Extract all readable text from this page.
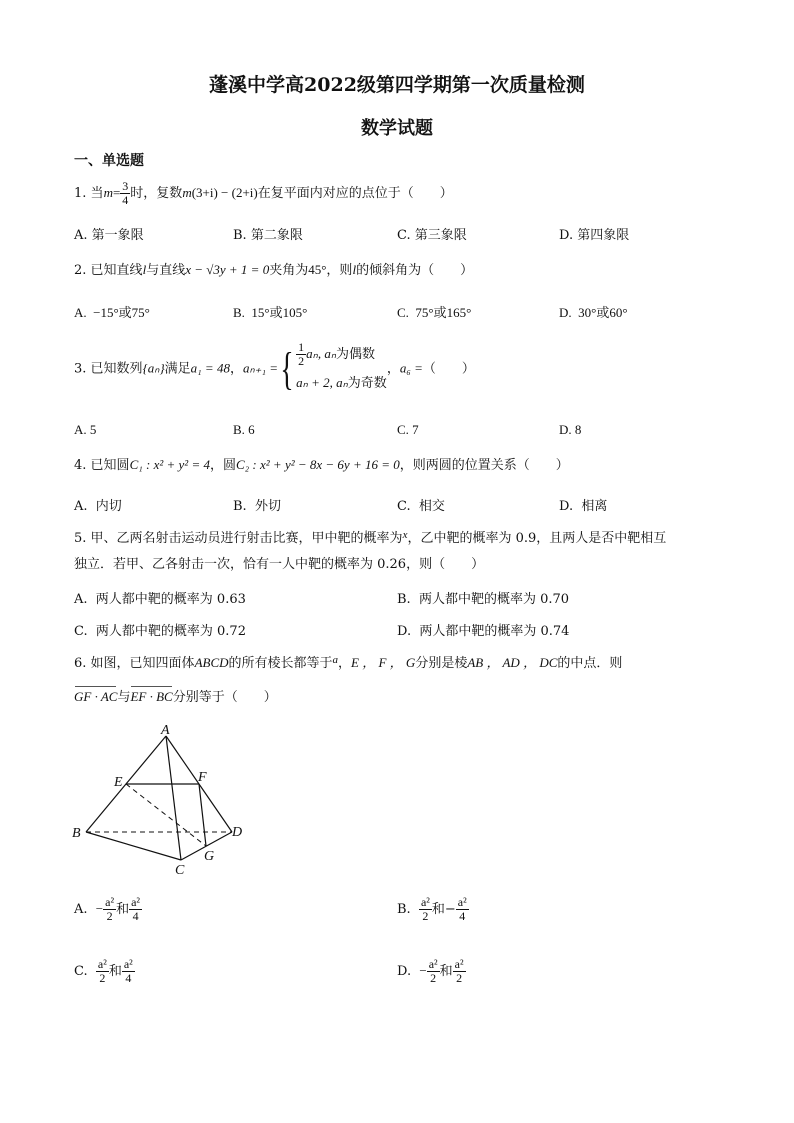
蓬溪中学高2022级第四学期第一次质量检测
数学试题
一、单选题
1. 当$m= \frac{3}{4}$ 时，复数m(3+i) − (2+i)在复平面内对应的点位于（　　）
A. 第一象限	B. 第二象限	C. 第三象限	D. 第四象限
2. 已知直线l与直线x − √3y + 1 = 0夹角为45°，则l的倾斜角为（　　）
A. −15°或75°	B. 15°或105°	C. 75°或165°	D. 30°或60°
3. 已知数列{aₙ}满足a₁ = 48，aₙ₊₁ ={ $\frac{1}{2} a_n$, aₙ为偶数
aₙ + 2, aₙ为奇数
，a₆ =（　　）
A. 5	B. 6	C. 7	D. 8
4. 已知圆C₁ : x² + y² = 4，圆C₂ : x² + y² − 8x − 6y + 16 = 0，则两圆的位置关系（　　）
A. 内切	B. 外切	C. 相交	D. 相离
5. 甲、乙两名射击运动员进行射击比赛，甲中靶的概率为$^x$，乙中靶的概率为 0.9，且两人是否中靶相互
独立．若甲、乙各射击一次，恰有一人中靶的概率为 0.26，则（　　）
A. 两人都中靶的概率为 0.63	B. 两人都中靶的概率为 0.70
C. 两人都中靶的概率为 0.72	D. 两人都中靶的概率为 0.74
6. 如图，已知四面体ABCD的所有棱长都等于$^a$，E ， F ， G分别是棱AB ， AD ， DC的中点．则
GF · AC与EF · BC分别等于（　　）
A
B
C
D
E	F
G
A. − $\frac{\text{a²}}{2}$ 和 $\frac{\text{a²}}{4}$	B. $\frac{\text{a²}}{2}$ 和− $\frac{\text{a²}}{4}$
C. $\frac{\text{a²}}{2}$ 和 $\frac{\text{a²}}{4}$	D. − $\frac{\text{a²}}{2}$ 和 $\frac{\text{a²}}{2}$
